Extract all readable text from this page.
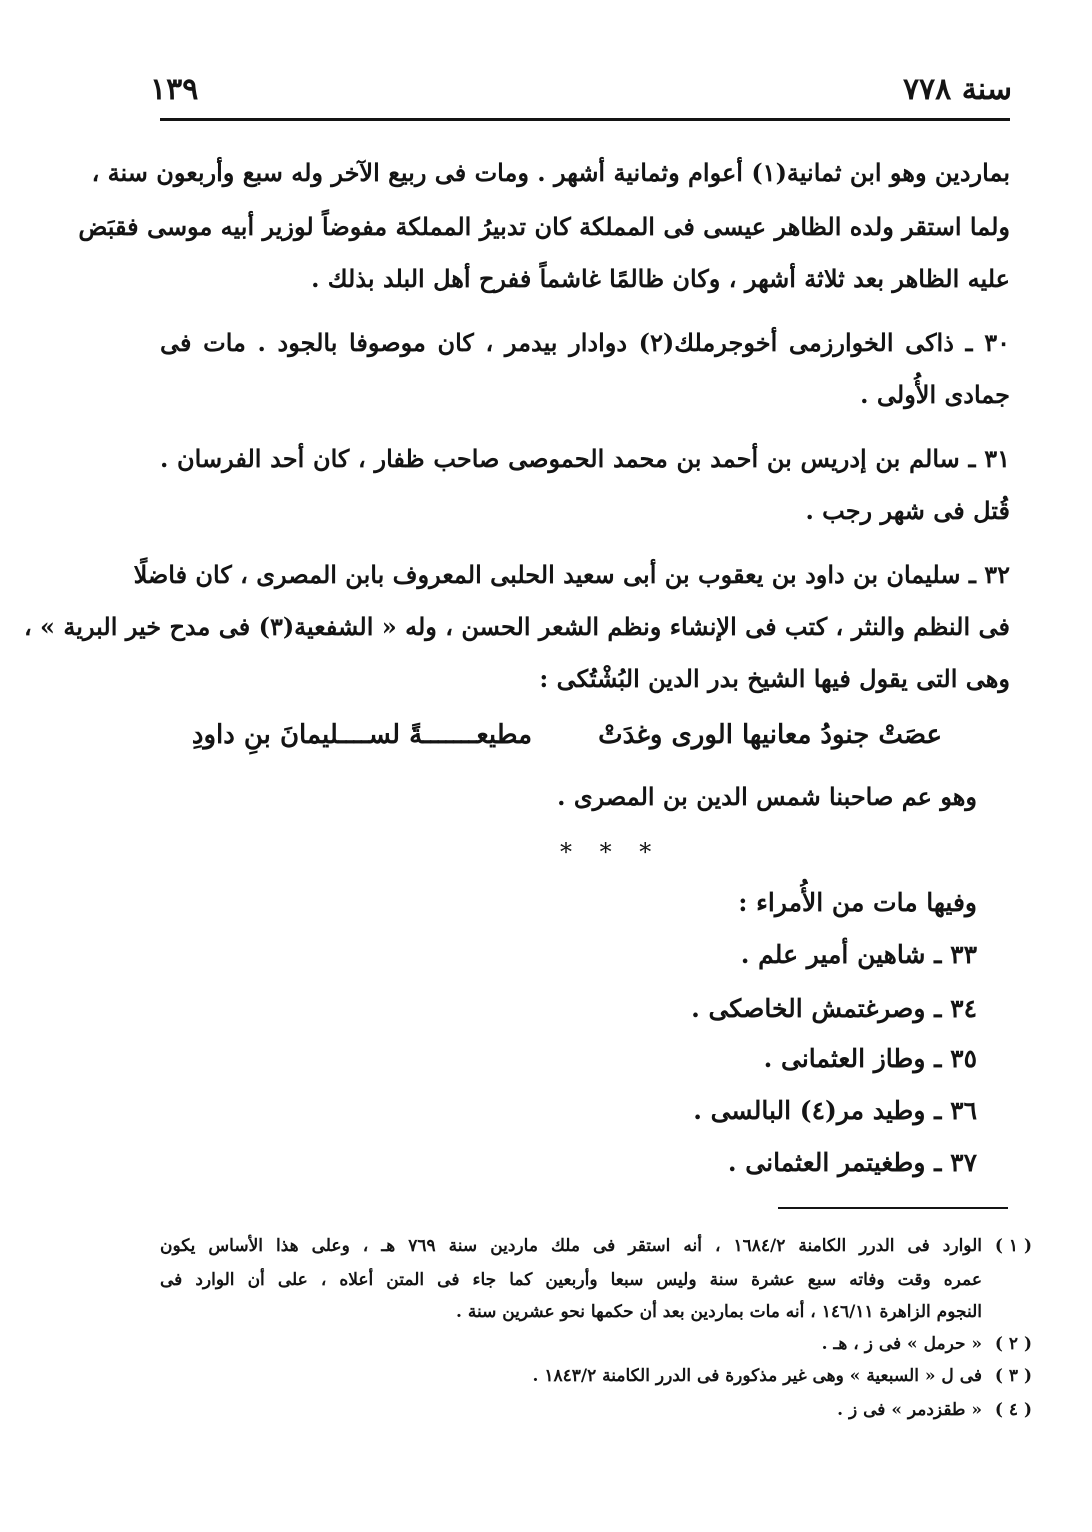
سنة ٧٧٨
١٣٩
بماردين وهو ابن ثمانية(١) أعوام وثمانية أشهر . ومات فى ربيع الآخر وله سبع وأربعون سنة ،
ولما استقر ولده الظاهر عيسى فى المملكة كان تدبيرُ المملكة مفوضاً لوزير أبيه موسى فقبَض
عليه الظاهر بعد ثلاثة أشهر ، وكان ظالمًا غاشماً ففرح أهل البلد بذلك .
٣٠ ـ ذاكى الخوارزمى أخوجرملك(٢) دوادار بيدمر ، كان موصوفا بالجود . مات فى
جمادى الأُولى .
٣١ ـ سالم بن إدريس بن أحمد بن محمد الحموصى صاحب ظفار ، كان أحد الفرسان .
قُتل فى شهر رجب .
٣٢ ـ سليمان بن داود بن يعقوب بن أبى سعيد الحلبى المعروف بابن المصرى ، كان فاضلًا
فى النظم والنثر ، كتب فى الإنشاء ونظم الشعر الحسن ، وله « الشفعية(٣) فى مدح خير البرية » ،
وهى التى يقول فيها الشيخ بدر الدين البُشْتُكى :
عصَتْ جنودُ معانيها الورى وغدَتْ
مطيعـــــــةً لســــليمانَ بنِ داودِ
وهو عم صاحبنا شمس الدين بن المصرى .
* * *
وفيها مات من الأُمراء :
٣٣ ـ شاهين أمير علم .
٣٤ ـ وصرغتمش الخاصكى .
٣٥ ـ وطاز العثمانى .
٣٦ ـ وطيد مر(٤) البالسى .
٣٧ ـ وطغيتمر العثمانى .
( ١ )
الوارد فى الدرر الكامنة ١٦٨٤/٢ ، أنه استقر فى ملك ماردين سنة ٧٦٩ هـ ، وعلى هذا الأساس يكون
عمره وقت وفاته سبع عشرة سنة وليس سبعا وأربعين كما جاء فى المتن أعلاه ، على أن الوارد فى
النجوم الزاهرة ١٤٦/١١ ، أنه مات بماردين بعد أن حكمها نحو عشرين سنة .
( ٢ )
« حرمل » فى ز ، هـ .
( ٣ )
فى ل « السبعية » وهى غير مذكورة فى الدرر الكامنة ١٨٤٣/٢ .
( ٤ )
« طقزدمر » فى ز .
